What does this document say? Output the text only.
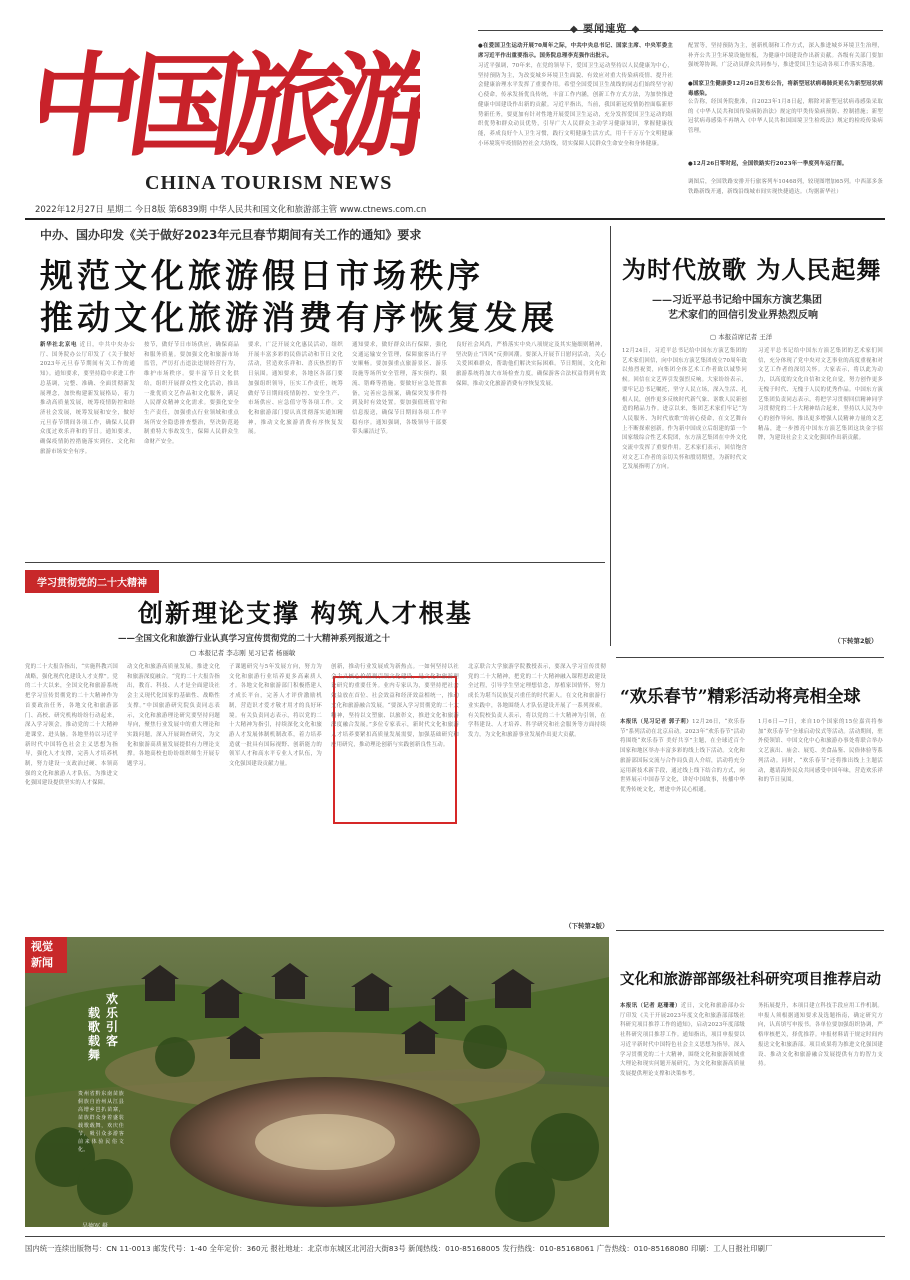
中国旅游报
CHINA TOURISM NEWS
2022年12月27日 星期二 今日8版 第6839期 中华人民共和国文化和旅游部主管 www.ctnews.com.cn
◆ 要闻速览 ◆
●在爱国卫生运动开展70周年之际，中共中央总书记、国家主席、中央军委主席习近平作出重要指示。国务院总理李克强作出批示。
习近平强调，70年来，在党的领导下，爱国卫生运动坚持以人民健康为中心，坚持预防为主，为改变城乡环境卫生面貌、有效应对重大传染病疫情、提升社会健康治理水平发挥了重要作用。希望全国爱国卫生战线的同志们始终坚守初心使命，传承发扬优良传统，丰富工作内涵，创新工作方式方法，为加快推进健康中国建设作出新的贡献。习近平指出，当前，我国新冠疫情防控面临新形势新任务，要更加有针对性地开展爱国卫生运动，充分发挥爱国卫生运动的组织优势和群众动员优势，引导广大人民群众主动学习健康知识，掌握健康技能，养成良好个人卫生习惯，践行文明健康生活方式，用千千万万个文明健康小环境筑牢疫情防控社会大防线，切实保障人民群众生命安全和身体健康。
配置等，坚持预防为主，创新机制和工作方式，深入推进城乡环境卫生治理，补齐公共卫生环境设施短板，为健康中国建设作出新贡献。各级有关部门要加强统筹协调，广泛动员群众共同参与，推进爱国卫生运动各项工作落实落地。
●国家卫生健康委12月26日发布公告，将新型冠状病毒肺炎更名为新型冠状病毒感染。
公告称，经国务院批准，自2023年1月8日起，解除对新型冠状病毒感染采取的《中华人民共和国传染病防治法》规定的甲类传染病预防、控制措施；新型冠状病毒感染不再纳入《中华人民共和国国境卫生检疫法》规定的检疫传染病管理。
●12月26日零时起，全国铁路实行2023年一季度列车运行图。
调图后，全国铁路安排开行旅客列车10468列，较现图增加65列。中西部多条铁路新线开通，新线沿线城市间实现快捷通达。（均据新华社）
中办、国办印发《关于做好2023年元旦春节期间有关工作的通知》要求
规范文化旅游假日市场秩序
推动文化旅游消费有序恢复发展
新华社北京电 近日，中共中央办公厅、国务院办公厅印发了《关于做好2023年元旦春节期间有关工作的通知》。通知要求，要坚持稳中求进工作总基调，完整、准确、全面贯彻新发展理念，加快构建新发展格局，着力推动高质量发展，统筹疫情防控和经济社会发展，统筹发展和安全，做好元旦春节期间各项工作，确保人民群众度过欢乐祥和的节日。通知要求，确保疫情防控措施落实到位、文化和旅游市场安全有序。
按节，做好节日市场供应，确保商品和服务质量。要加强文化和旅游市场监管，严厉打击违法违规经营行为，维护市场秩序。要丰富节日文化供给，组织开展群众性文化活动，推出一批优质文艺作品和文化服务，满足人民群众精神文化需求。要强化安全生产责任，加强重点行业领域和重点场所安全隐患排查整治，坚决防范遏制重特大事故发生，保障人民群众生命财产安全。
要求，广泛开展文化惠民活动，组织开展丰富多彩的民俗活动和节日文化活动，营造欢乐祥和、喜庆热烈的节日氛围。通知要求，各地区各部门要加强组织领导，压实工作责任，统筹做好节日期间疫情防控、安全生产、市场供应、应急值守等各项工作。文化和旅游部门要认真贯彻落实通知精神，推动文化旅游消费有序恢复发展。
通知要求，做好群众出行保障，强化交通运输安全管理，保障旅客出行平安顺畅。要加强重点旅游景区、游乐设施等场所安全管理，落实预约、限流、错峰等措施。要做好应急处置准备，完善应急预案，确保突发事件得到及时有效处置。要加强值班值守和信息报送，确保节日期间各项工作平稳有序。通知强调，各级领导干部要带头廉洁过节。
良好社会风尚，严格落实中央八项规定及其实施细则精神，坚决防止“四风”反弹回潮。要深入开展节日慰问活动，关心关爱困难群众，帮助他们解决实际困难。节日期间，文化和旅游系统将加大市场检查力度，确保游客合法权益得到有效保障，推动文化旅游消费有序恢复发展。
为时代放歌 为人民起舞
——习近平总书记给中国东方演艺集团
艺术家们的回信引发业界热烈反响
▢ 本报首席记者 王洋
12月24日，习近平总书记给中国东方演艺集团的艺术家们回信，向中国东方演艺集团成立70周年致以热烈祝贺，向集团全体艺术工作者致以诚挚问候。回信在文艺界引发强烈反响。大家纷纷表示，要牢记总书记嘱托，坚守人民立场，深入生活、扎根人民，创作更多反映时代新气象、讴歌人民新创造的精品力作。进京以来，集团艺术家们牢记“为人民服务、为时代放歌”的初心使命，在文艺舞台上不断探索创新。作为新中国成立后组建的第一个国家级综合性艺术院团，东方演艺集团在中外文化交流中发挥了重要作用。艺术家们表示，回信饱含对文艺工作者的亲切关怀和殷切期望，为新时代文艺发展指明了方向。
习近平总书记给中国东方演艺集团的艺术家们回信，充分体现了党中央对文艺事业的高度重视和对文艺工作者的深切关怀。大家表示，将以此为动力，以高度的文化自信和文化自觉，努力创作更多无愧于时代、无愧于人民的优秀作品。中国东方演艺集团负责同志表示，将把学习贯彻回信精神同学习贯彻党的二十大精神结合起来，坚持以人民为中心的创作导向，推出更多增强人民精神力量的文艺精品，进一步擦亮中国东方演艺集团这块金字招牌，为建设社会主义文化强国作出新贡献。
（下转第2版）
学习贯彻党的二十大精神
创新理论支撑 构筑人才根基
——全国文化和旅游行业认真学习宣传贯彻党的二十大精神系列报道之十
▢ 本报记者 李志刚 见习记者 杨丽敏
党的二十大报告指出，“实施科教兴国战略，强化现代化建设人才支撑”。党的二十大以来，全国文化和旅游系统把学习宣传贯彻党的二十大精神作为首要政治任务，各地文化和旅游部门、高校、研究机构纷纷行动起来，深入学习领会，推动党的二十大精神进课堂、进头脑。各地坚持以习近平新时代中国特色社会主义思想为指导，强化人才支撑，完善人才培养机制，努力建设一支政治过硬、本领高强的文化和旅游人才队伍，为推进文化强国建设提供坚实的人才保障。
动文化和旅游高质量发展，推进文化和旅游深度融合。“党的二十大报告指出，教育、科技、人才是全面建设社会主义现代化国家的基础性、战略性支撑。”中国旅游研究院负责同志表示，文化和旅游理论研究要坚持问题导向，聚焦行业发展中的重大理论和实践问题，深入开展调查研究，为文化和旅游高质量发展提供有力理论支撑。各地高校也纷纷组织师生开展专题学习。
子课题研究与5年发展方向，努力为文化和旅游行业培养更多高素质人才。各地文化和旅游部门积极搭建人才成长平台，完善人才评价激励机制，营造识才爱才敬才用才的良好环境。有关负责同志表示，将以党的二十大精神为指引，持续深化文化和旅游人才发展体制机制改革，着力培养造就一批具有国际视野、创新能力的领军人才和高水平专业人才队伍，为文化强国建设贡献力量。
创新，推动行业发展成为新热点。一如何坚持以社会主义核心价值观引领文化建设，是文化和旅游理论研究的重要任务。业内专家认为，要坚持把社会效益放在首位、社会效益和经济效益相统一，推动文化和旅游融合发展。“要深入学习贯彻党的二十大精神，坚持以文塑旅、以旅彰文，推进文化和旅游深度融合发展。”多位专家表示，新时代文化和旅游人才培养要紧扣高质量发展需要，加强基础研究和应用研究，推动理论创新与实践创新良性互动。
北京联合大学旅游学院教授表示，要深入学习宣传贯彻党的二十大精神，把党的二十大精神融入课程思政建设全过程，引导学生坚定理想信念，厚植家国情怀，努力成长为堪当民族复兴重任的时代新人。在文化和旅游行业实践中，各地围绕人才队伍建设开展了一系列探索。有关院校负责人表示，将以党的二十大精神为引领，在学科建设、人才培养、科学研究和社会服务等方面持续发力，为文化和旅游事业发展作出更大贡献。
（下转第2版）
“欢乐春节”精彩活动将亮相全球
本报讯（见习记者 郭子莉）12月26日，“欢乐春节”系列活动在北京启动。2023年“欢乐春节”活动将围绕“欢乐春节 美好共享”主题，在全球近百个国家和地区举办丰富多彩的线上线下活动。文化和旅游部国际交流与合作局负责人介绍，活动将充分运用新技术新手段，通过线上线下结合的方式，向世界展示中国春节文化，讲好中国故事，传播中华优秀传统文化，增进中外民心相通。
1月6日—7日，来自10个国家的15位嘉宾将参加“欢乐春节”全球启动仪式等活动。活动期间，驻外使领馆、中国文化中心和旅游办事处将联合举办文艺演出、庙会、展览、美食品鉴、民俗体验等系列活动。同时，“欢乐春节”还将推出线上主题活动，邀请海外民众共同感受中国年味，营造欢乐祥和的节日氛围。
视觉
新闻
载歌载舞
欢乐引客
贵州省黔东南苗族侗族自治州从江县高增乡岜扒苗寨，苗族群众身着盛装载歌载舞，欢庆佳节，吸引众多游客前来体验民俗文化。
吴德军 摄
文化和旅游部部级社科研究项目推荐启动
本报讯（记者 赵珊珊）近日，文化和旅游部办公厅印发《关于开展2023年度文化和旅游部部级社科研究项目推荐工作的通知》，启动2023年度部级社科研究项目推荐工作。通知指出，项目申报要以习近平新时代中国特色社会主义思想为指导，深入学习贯彻党的二十大精神，围绕文化和旅游领域重大理论和现实问题开展研究，为文化和旅游高质量发展提供理论支撑和决策参考。
务拓展提升，本项目建立科技手段应用工作机制。申报人须根据通知要求及选题指南，确定研究方向，认真填写申报书。各单位要加强组织协调，严格审核把关，择优推荐。申报材料请于规定时间内报送文化和旅游部。项目成果将为推进文化强国建设、推动文化和旅游融合发展提供有力的智力支持。
国内统一连续出版物号：CN 11-0013 邮发代号：1-40 全年定价：360元 报社地址：北京市东城区北河沿大街83号 新闻热线：010-85168005 发行热线：010-85168061 广告热线：010-85168080 印刷：工人日报社印刷厂
